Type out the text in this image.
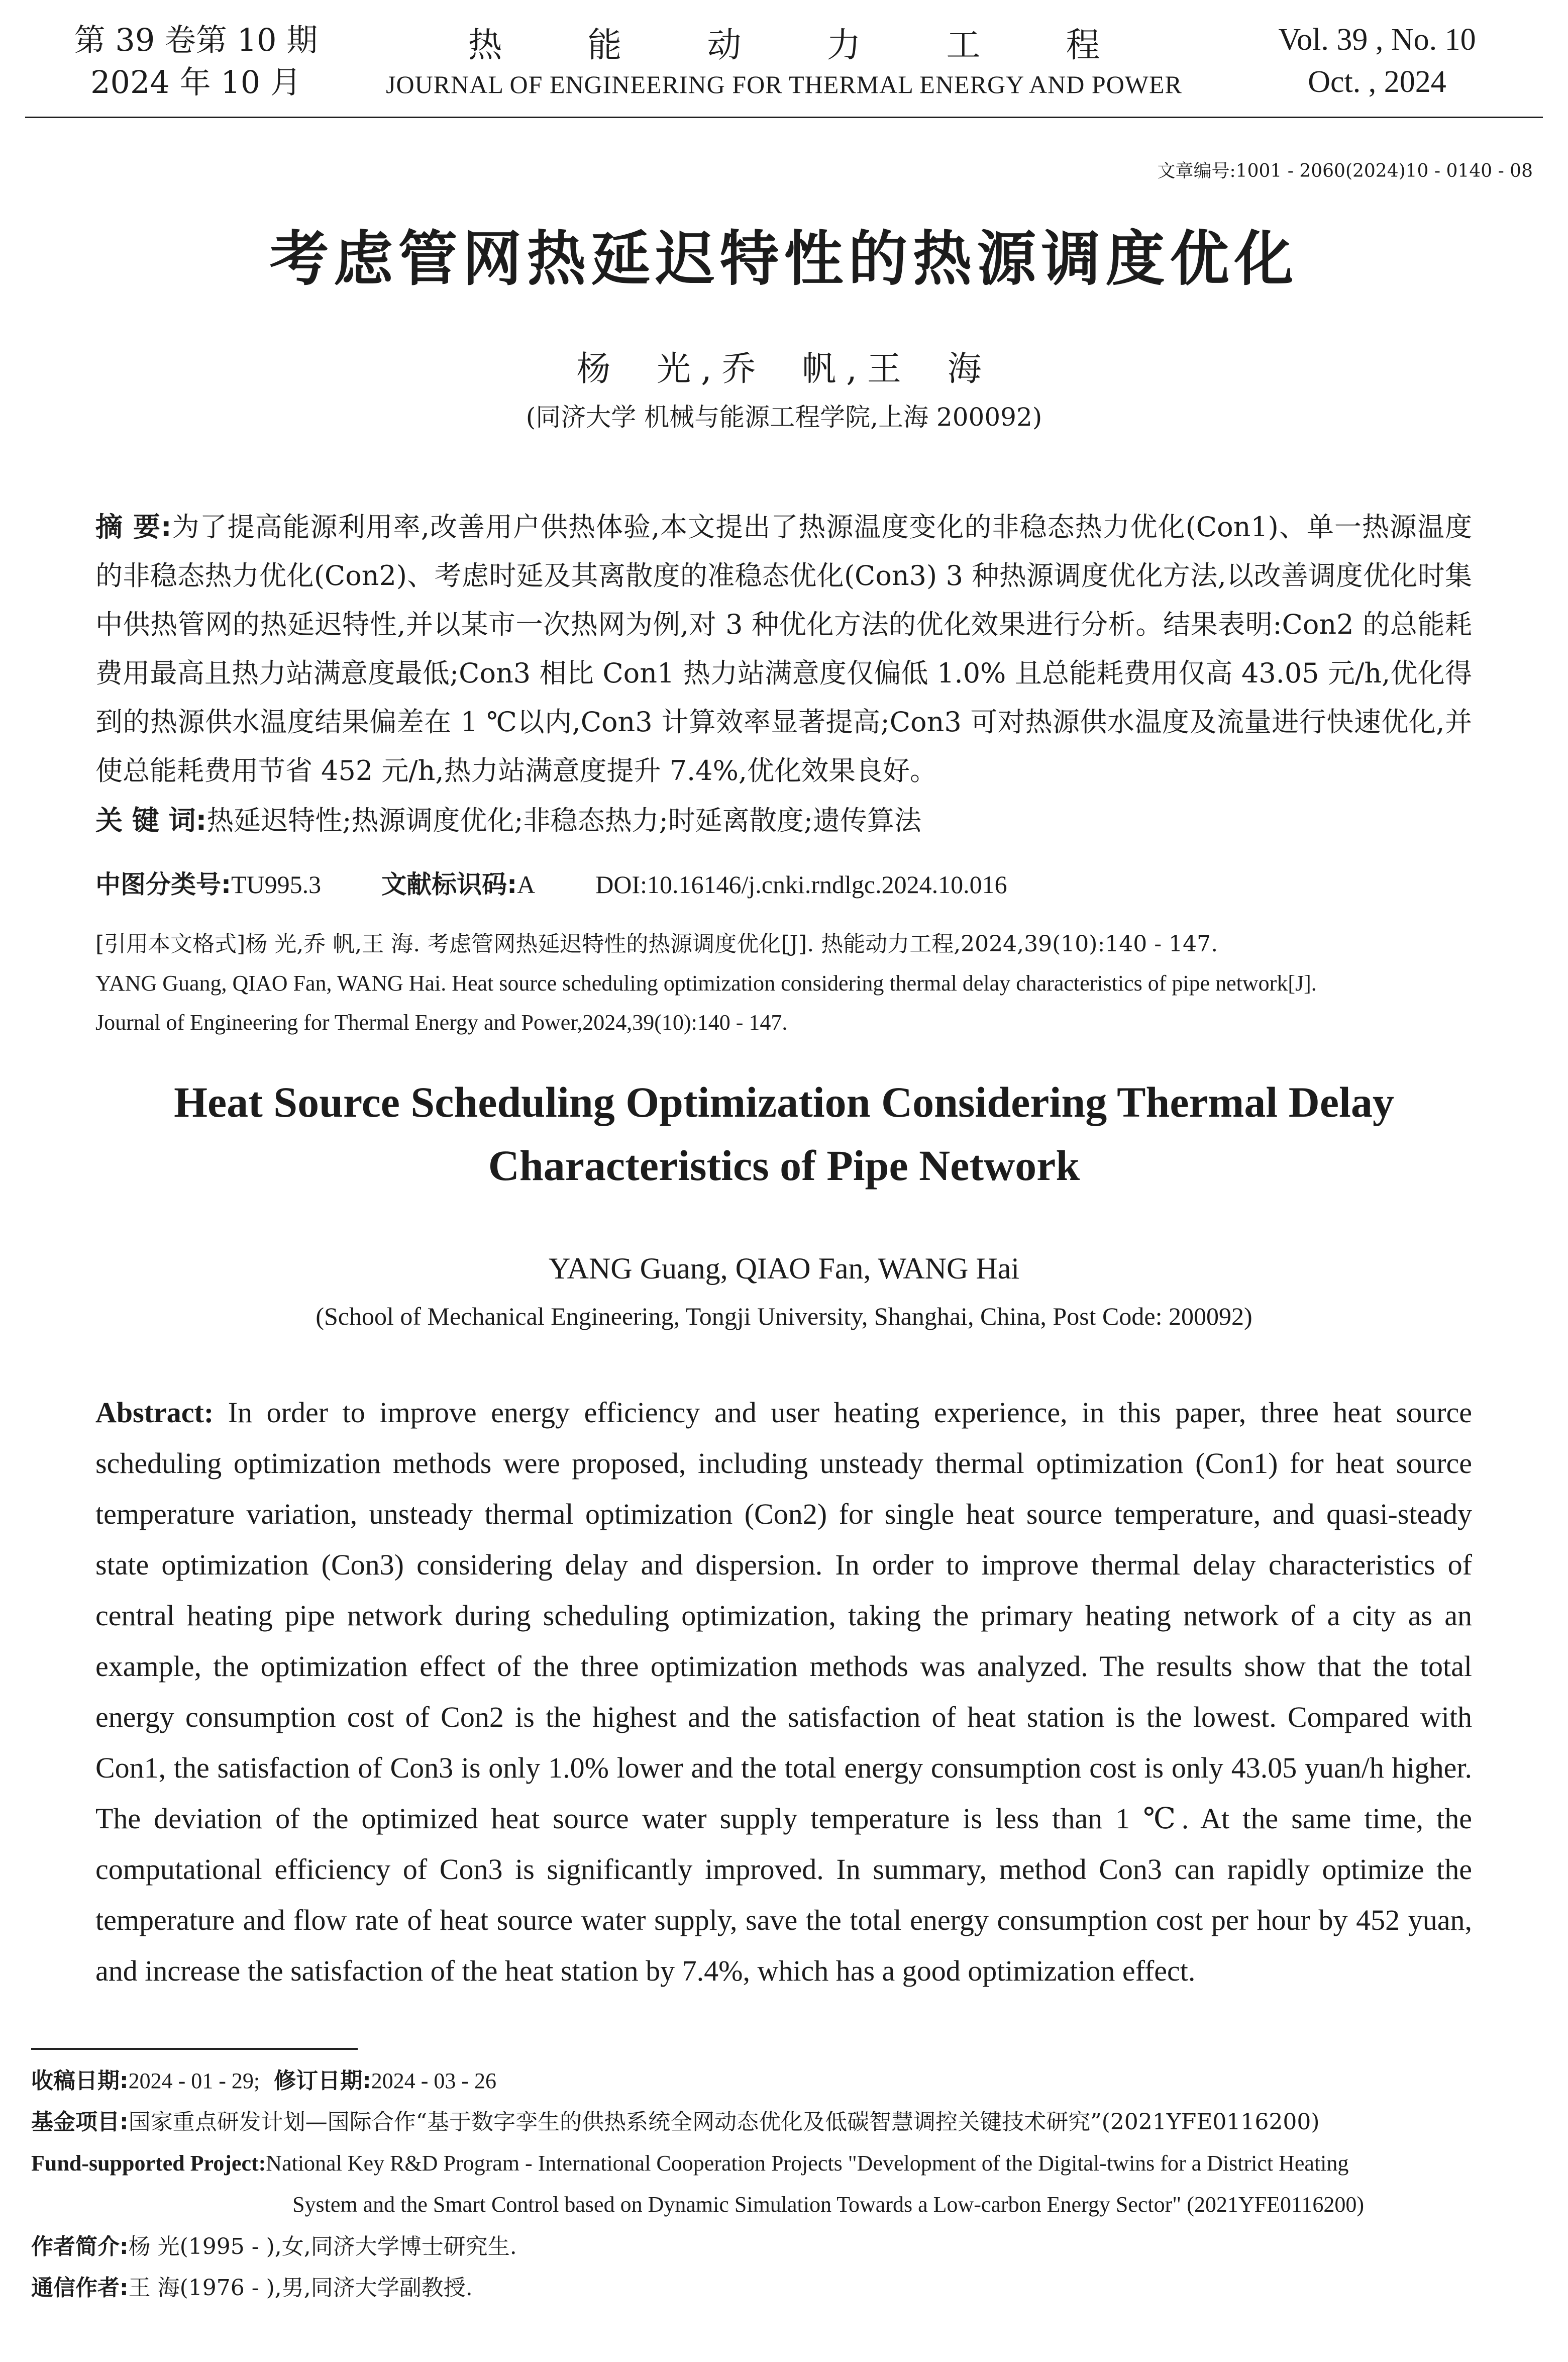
第 39 卷第 10 期
2024 年 10 月
热能动力工程
JOURNAL OF ENGINEERING FOR THERMAL ENERGY AND POWER
Vol. 39 , No. 10
Oct. , 2024
文章编号:1001 - 2060(2024)10 - 0140 - 08
考虑管网热延迟特性的热源调度优化
杨 光,乔 帆,王 海
(同济大学 机械与能源工程学院,上海 200092)
摘 要:为了提高能源利用率,改善用户供热体验,本文提出了热源温度变化的非稳态热力优化(Con1)、单一热源温度的非稳态热力优化(Con2)、考虑时延及其离散度的准稳态优化(Con3) 3 种热源调度优化方法,以改善调度优化时集中供热管网的热延迟特性,并以某市一次热网为例,对 3 种优化方法的优化效果进行分析。结果表明:Con2 的总能耗费用最高且热力站满意度最低;Con3 相比 Con1 热力站满意度仅偏低 1.0% 且总能耗费用仅高 43.05 元/h,优化得到的热源供水温度结果偏差在 1 ℃以内,Con3 计算效率显著提高;Con3 可对热源供水温度及流量进行快速优化,并使总能耗费用节省 452 元/h,热力站满意度提升 7.4%,优化效果良好。
关 键 词:热延迟特性;热源调度优化;非稳态热力;时延离散度;遗传算法
中图分类号:TU995.3 文献标识码:A DOI:10.16146/j.cnki.rndlgc.2024.10.016
[引用本文格式]杨 光,乔 帆,王 海. 考虑管网热延迟特性的热源调度优化[J]. 热能动力工程,2024,39(10):140 - 147.
YANG Guang, QIAO Fan, WANG Hai. Heat source scheduling optimization considering thermal delay characteristics of pipe network[J].
Journal of Engineering for Thermal Energy and Power,2024,39(10):140 - 147.
Heat Source Scheduling Optimization Considering Thermal Delay
Characteristics of Pipe Network
YANG Guang, QIAO Fan, WANG Hai
(School of Mechanical Engineering, Tongji University, Shanghai, China, Post Code: 200092)
Abstract: In order to improve energy efficiency and user heating experience, in this paper, three heat source scheduling optimization methods were proposed, including unsteady thermal optimization (Con1) for heat source temperature variation, unsteady thermal optimization (Con2) for single heat source temperature, and quasi-steady state optimization (Con3) considering delay and dispersion. In order to improve thermal delay characteristics of central heating pipe network during scheduling optimization, taking the primary heating network of a city as an example, the optimization effect of the three optimization methods was analyzed. The results show that the total energy consumption cost of Con2 is the highest and the satisfaction of heat station is the lowest. Compared with Con1, the satisfaction of Con3 is only 1.0% lower and the total energy consumption cost is only 43.05 yuan/h higher. The deviation of the optimized heat source water supply temperature is less than 1 ℃. At the same time, the computational efficiency of Con3 is significantly improved. In summary, method Con3 can rapidly optimize the temperature and flow rate of heat source water supply, save the total energy consumption cost per hour by 452 yuan, and increase the satisfaction of the heat station by 7.4%, which has a good optimization effect.
收稿日期:2024 - 01 - 29; 修订日期:2024 - 03 - 26
基金项目:国家重点研发计划—国际合作“基于数字孪生的供热系统全网动态优化及低碳智慧调控关键技术研究”(2021YFE0116200)
Fund-supported Project:National Key R&D Program - International Cooperation Projects "Development of the Digital-twins for a District Heating
System and the Smart Control based on Dynamic Simulation Towards a Low-carbon Energy Sector" (2021YFE0116200)
作者简介:杨 光(1995 - ),女,同济大学博士研究生.
通信作者:王 海(1976 - ),男,同济大学副教授.
